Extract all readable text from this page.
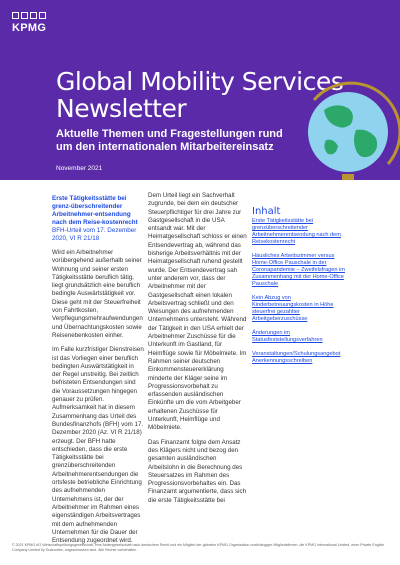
KPMG
Global Mobility Services
Newsletter
Aktuelle Themen und Fragestellungen rund um den internationalen Mitarbeitereinsatz
November 2021
Erste Tätigkeitsstätte bei grenz-überschreitender Arbeitnehmer-entsendung nach dem Reise-kostenrecht
BFH-Urteil vom 17. Dezember
2020, VI R 21/18

Wird ein Arbeitnehmer vorübergehend außerhalb seiner Wohnung und seiner ersten Tätigkeitsstätte beruflich tätig, liegt grundsätzlich eine beruflich bedingte Auswärtstätigkeit vor. Diese geht mit der Steuerfreiheit von Fahrtkosten, Verpflegungsmehraufwendungen und Übernachtungskosten sowie Reisenebenkosten einher.

Im Falle kurzfristiger Dienstreisen ist das Vorliegen einer beruflich bedingten Auswärtstätigkeit in der Regel unstreitig. Bei zeitlich befristeten Entsendungen sind die Voraussetzungen hingegen genauer zu prüfen. Aufmerksamkeit hat in diesem Zusammenhang das Urteil des Bundesfinanzhofs (BFH) vom 17. Dezember 2020 (Az. VI R 21/18) erzeugt. Der BFH hatte entschieden, dass die erste Tätigkeitsstätte bei grenzüberschreitenden Arbeitnehmerentsendungen die ortsfeste betriebliche Einrichtung des aufnehmenden Unternehmens ist, der der Arbeitnehmer im Rahmen eines eigenständigen Arbeitsvertrages mit dem aufnehmenden Unternehmen für die Dauer der Entsendung zugeordnet wird.

Dem Urteil liegt ein Sachverhalt zugrunde, bei dem ein deutscher Steuerpflichtiger für drei Jahre zur Gastgesellschaft in die USA entsandt war. Mit der Heimatgesellschaft schloss er einen Entsendevertrag ab, während das bisherige Arbeitsverhältnis mit der Heimatgesellschaft ruhend gestellt wurde. Der Entsendevertrag sah unter anderem vor, dass der Arbeitnehmer mit der Gastgesellschaft einen lokalen Arbeitsvertrag schließt und den Weisungen des aufnehmenden Unternehmens untersteht. Während der Tätigkeit in den USA erhielt der Arbeitnehmer Zuschüsse für die Unterkunft im Gastland, für Heimflüge sowie für Möbelmiete. Im Rahmen seiner deutschen Einkommensteuererklärung minderte der Kläger seine im Progressionsvorbehalt zu erfassenden ausländischen Einkünfte um die vom Arbeitgeber erhaltenen Zuschüsse für Unterkunft, Heimflüge und Möbelmiete.

Das Finanzamt folgte dem Ansatz des Klägers nicht und bezog den gesamten ausländischen Arbeitslohn in die Berechnung des Steuersatzes im Rahmen des Progressionsvorbehaltes ein. Das Finanzamt argumentierte, dass sich die erste Tätigkeitsstätte bei

Inhalt
Erste Tätigkeitsstätte bei grenzüberschreitender Arbeitnehmerentsendung nach dem Reisekostenrecht
Häusliches Arbeitszimmer versus Home-Office Pauschale in der Coronapandemie – Zweifelsfragen im Zusammenhang mit der Home-Office Pauschale
Kein Abzug von Kinderbetreuungskosten in Höhe steuerfrei gezahlter Arbeitgeberzuschüsse
Änderungen im Statusfeststellungsverfahren
Veranstaltungen/Schulungsangebot Anerkennungsschreiben
© 2021 KPMG AG Wirtschaftsprüfungsgesellschaft, eine Aktiengesellschaft nach deutschem Recht und ein Mitglied der globalen KPMG-Organisation unabhängiger Mitgliedsfirmen, die KPMG International Limited, einer Private English Company Limited by Guarantee, angeschlossen sind. Alle Rechte vorbehalten.
